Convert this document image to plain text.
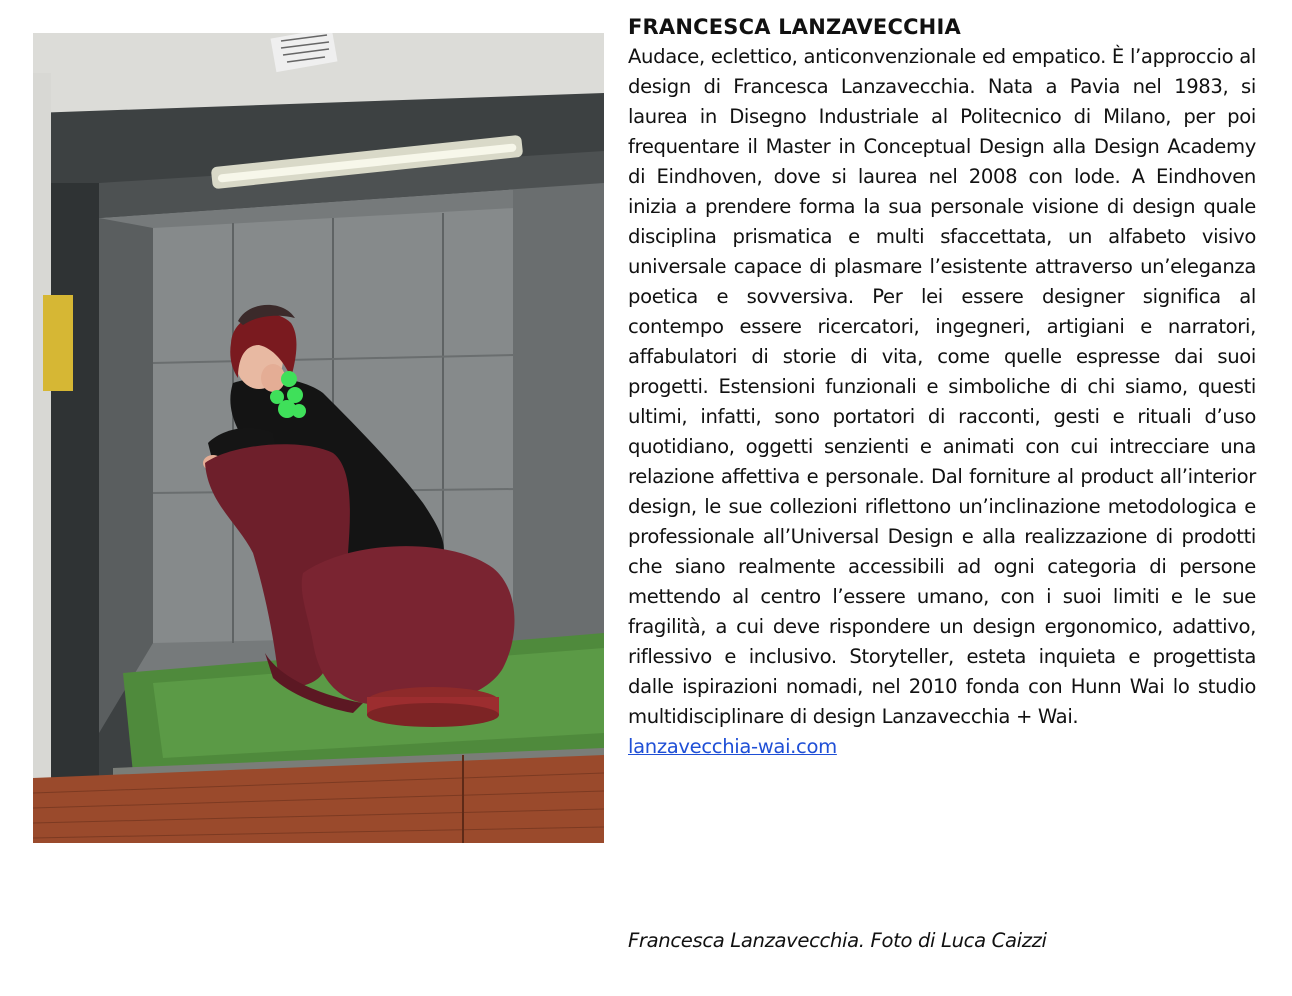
FRANCESCA LANZAVECCHIA

Audace, eclettico, anticonvenzionale ed empatico. È l’approccio al design di Francesca Lanzavecchia. Nata a Pavia nel 1983, si laurea in Disegno Industriale al Politecnico di Milano, per poi frequentare il Master in Conceptual Design alla Design Academy di Eindhoven, dove si laurea nel 2008 con lode. A Eindhoven inizia a prendere forma la sua personale visione di design quale disciplina prismatica e multi sfaccettata, un alfabeto visivo universale capace di plasmare l’esistente attraverso un’eleganza poetica e sovversiva. Per lei essere designer significa al contempo essere ricercatori, ingegneri, artigiani e narratori, affabulatori di storie di vita, come quelle espresse dai suoi progetti. Estensioni funzionali e simboliche di chi siamo, questi ultimi, infatti, sono portatori di racconti, gesti e rituali d’uso quotidiano, oggetti senzienti e animati con cui intrecciare una relazione affettiva e personale. Dal forniture al product all’interior design, le sue collezioni riflettono un’inclinazione metodologica e professionale all’Universal Design e alla realizzazione di prodotti che siano realmente accessibili ad ogni categoria di persone mettendo al centro l’essere umano, con i suoi limiti e le sue fragilità, a cui deve rispondere un design ergonomico, adattivo, riflessivo e inclusivo. Storyteller, esteta inquieta e progettista dalle ispirazioni nomadi, nel 2010 fonda con Hunn Wai lo studio multidisciplinare di design Lanzavecchia + Wai.

lanzavecchia-wai.com

Francesca Lanzavecchia. Foto di Luca Caizzi
